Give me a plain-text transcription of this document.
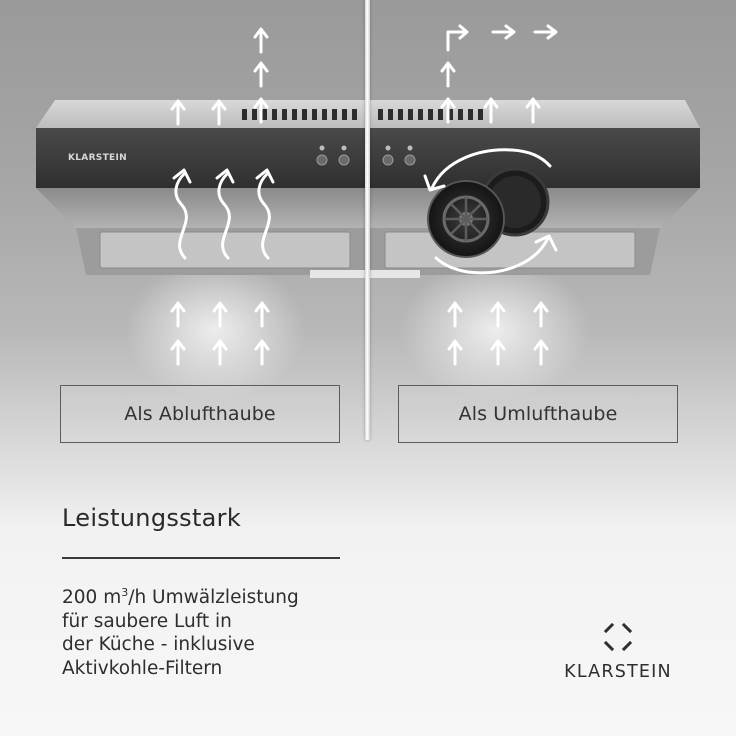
KLARSTEIN
Als Ablufthaube	Als Umlufthaube
Leistungsstark
200 $m^3/h$ Umwälzleistung
für saubere Luft in
der Küche - inklusive
Aktivkohle-Filtern	KLARSTEIN
